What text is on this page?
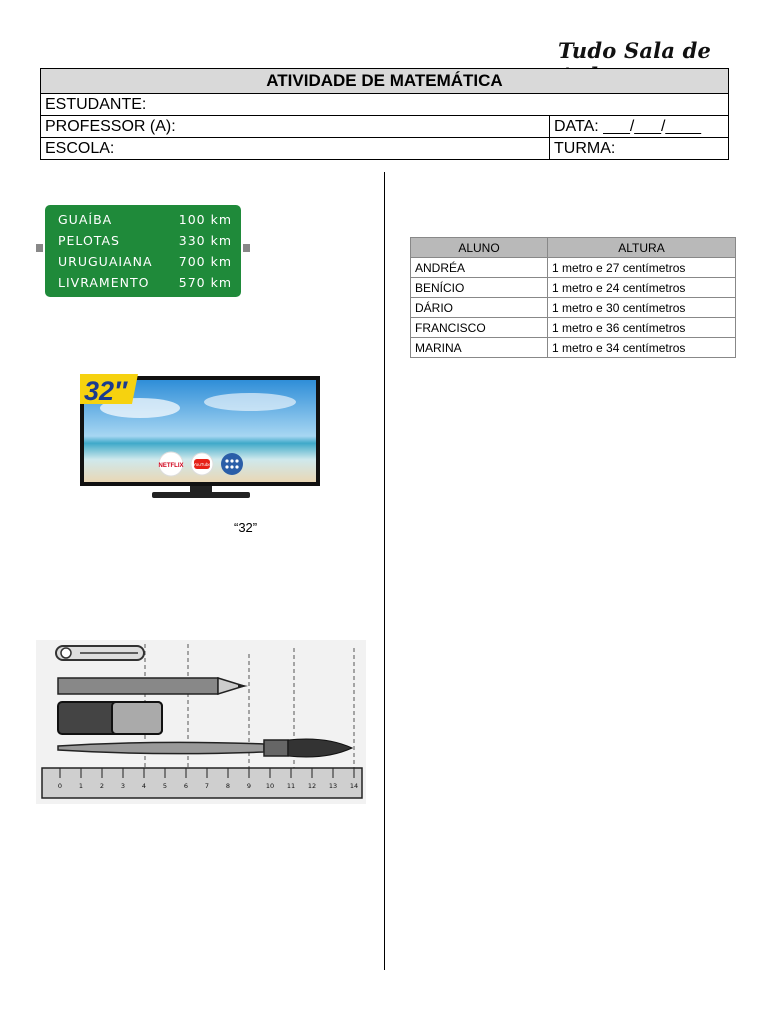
Tudo Sala de
ATIVIDADE DE MATEMÁTICA	
ESTUDANTE:	
PROFESSOR (A):	DATA: ___/___/____
ESCOLA:	TURMA:
GUAÍBA	100 km
PELOTAS	330 km
URUGUAIANA 700 km
LIVRAMENTO 570 km
NETFLIX YouTube
32″
“32”
0	1	2	3	4	5	6	7	8	9 10 11 12 13 14
ALUNO	ALTURA
ANDRÉA	1 metro e 27 centímetros
BENÍCIO	1 metro e 24 centímetros
DÁRIO	1 metro e 30 centímetros
FRANCISCO	1 metro e 36 centímetros
MARINA	1 metro e 34 centímetros
